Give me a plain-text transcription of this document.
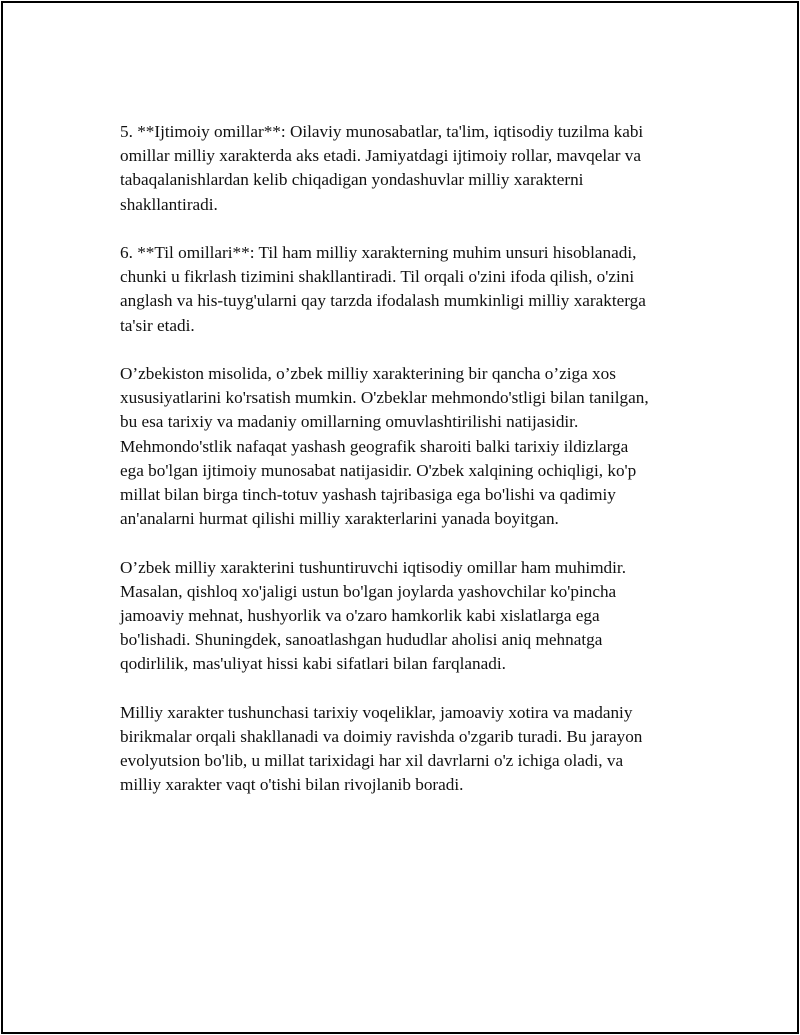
5. **Ijtimoiy omillar**: Oilaviy munosabatlar, ta'lim, iqtisodiy tuzilma kabi
omillar milliy xarakterda aks etadi. Jamiyatdagi ijtimoiy rollar, mavqelar va
tabaqalanishlardan kelib chiqadigan yondashuvlar milliy xarakterni
shakllantiradi.

6. **Til omillari**: Til ham milliy xarakterning muhim unsuri hisoblanadi,
chunki u fikrlash tizimini shakllantiradi. Til orqali o'zini ifoda qilish, o'zini
anglash va his-tuyg'ularni qay tarzda ifodalash mumkinligi milliy xarakterga
ta'sir etadi.

O’zbekiston misolida, o’zbek milliy xarakterining bir qancha o’ziga xos
xususiyatlarini ko'rsatish mumkin. O'zbeklar mehmondo'stligi bilan tanilgan,
bu esa tarixiy va madaniy omillarning omuvlashtirilishi natijasidir.
Mehmondo'stlik nafaqat yashash geografik sharoiti balki tarixiy ildizlarga
ega bo'lgan ijtimoiy munosabat natijasidir. O'zbek xalqining ochiqligi, ko'p
millat bilan birga tinch-totuv yashash tajribasiga ega bo'lishi va qadimiy
an'analarni hurmat qilishi milliy xarakterlarini yanada boyitgan.

O’zbek milliy xarakterini tushuntiruvchi iqtisodiy omillar ham muhimdir.
Masalan, qishloq xo'jaligi ustun bo'lgan joylarda yashovchilar ko'pincha
jamoaviy mehnat, hushyorlik va o'zaro hamkorlik kabi xislatlarga ega
bo'lishadi. Shuningdek, sanoatlashgan hududlar aholisi aniq mehnatga
qodirlilik, mas'uliyat hissi kabi sifatlari bilan farqlanadi.

Milliy xarakter tushunchasi tarixiy voqeliklar, jamoaviy xotira va madaniy
birikmalar orqali shakllanadi va doimiy ravishda o'zgarib turadi. Bu jarayon
evolyutsion bo'lib, u millat tarixidagi har xil davrlarni o'z ichiga oladi, va
milliy xarakter vaqt o'tishi bilan rivojlanib boradi.
